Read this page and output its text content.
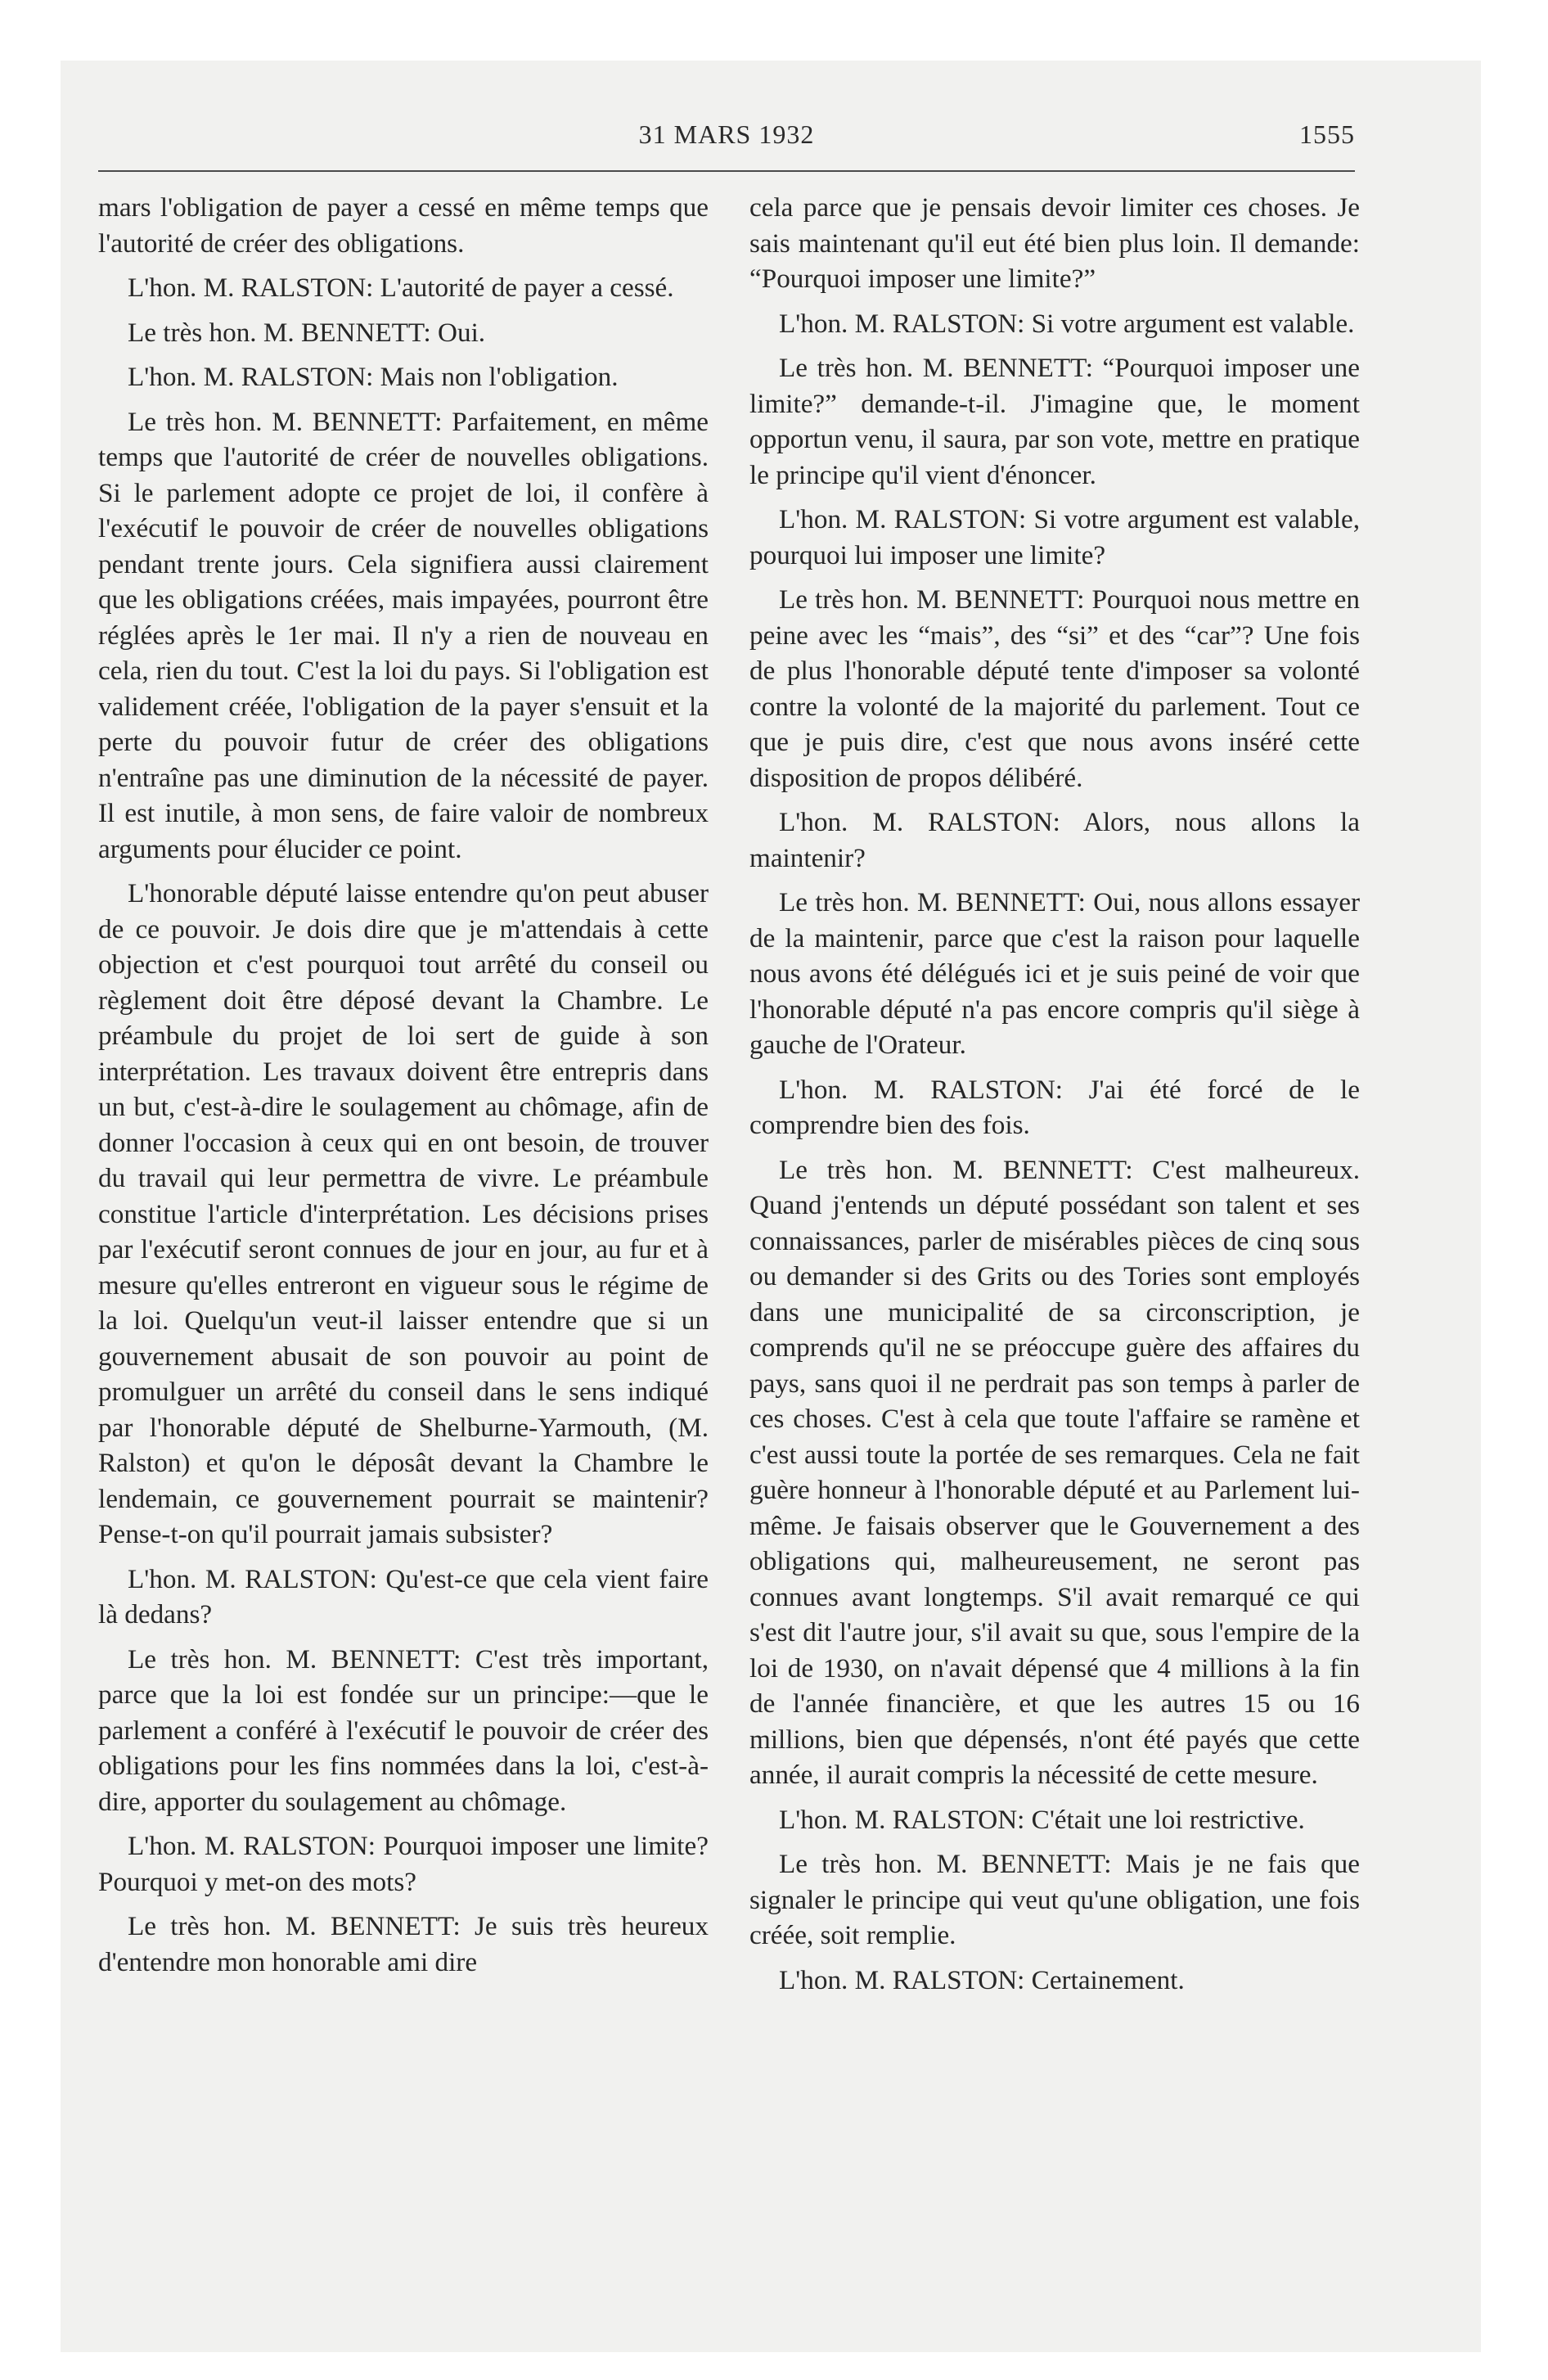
31 MARS 1932	1555

mars l'obligation de payer a cessé en même temps que l'autorité de créer des obligations.

L'hon. M. RALSTON: L'autorité de payer a cessé.

Le très hon. M. BENNETT: Oui.

L'hon. M. RALSTON: Mais non l'obligation.

Le très hon. M. BENNETT: Parfaitement, en même temps que l'autorité de créer de nouvelles obligations. Si le parlement adopte ce projet de loi, il confère à l'exécutif le pouvoir de créer de nouvelles obligations pendant trente jours. Cela signifiera aussi clairement que les obligations créées, mais impayées, pourront être réglées après le 1er mai. Il n'y a rien de nouveau en cela, rien du tout. C'est la loi du pays. Si l'obligation est validement créée, l'obligation de la payer s'ensuit et la perte du pouvoir futur de créer des obligations n'entraîne pas une diminution de la nécessité de payer. Il est inutile, à mon sens, de faire valoir de nombreux arguments pour élucider ce point.

L'honorable député laisse entendre qu'on peut abuser de ce pouvoir. Je dois dire que je m'attendais à cette objection et c'est pourquoi tout arrêté du conseil ou règlement doit être déposé devant la Chambre. Le préambule du projet de loi sert de guide à son interprétation. Les travaux doivent être entrepris dans un but, c'est-à-dire le soulagement au chômage, afin de donner l'occasion à ceux qui en ont besoin, de trouver du travail qui leur permettra de vivre. Le préambule constitue l'article d'interprétation. Les décisions prises par l'exécutif seront connues de jour en jour, au fur et à mesure qu'elles entreront en vigueur sous le régime de la loi. Quelqu'un veut-il laisser entendre que si un gouvernement abusait de son pouvoir au point de promulguer un arrêté du conseil dans le sens indiqué par l'honorable député de Shelburne-Yarmouth, (M. Ralston) et qu'on le déposât devant la Chambre le lendemain, ce gouvernement pourrait se maintenir? Pense-t-on qu'il pourrait jamais subsister?

L'hon. M. RALSTON: Qu'est-ce que cela vient faire là dedans?

Le très hon. M. BENNETT: C'est très important, parce que la loi est fondée sur un principe:—que le parlement a conféré à l'exécutif le pouvoir de créer des obligations pour les fins nommées dans la loi, c'est-à-dire, apporter du soulagement au chômage.

L'hon. M. RALSTON: Pourquoi imposer une limite? Pourquoi y met-on des mots?

Le très hon. M. BENNETT: Je suis très heureux d'entendre mon honorable ami dire

cela parce que je pensais devoir limiter ces choses. Je sais maintenant qu'il eut été bien plus loin. Il demande: “Pourquoi imposer une limite?”

L'hon. M. RALSTON: Si votre argument est valable.

Le très hon. M. BENNETT: “Pourquoi imposer une limite?” demande-t-il. J'imagine que, le moment opportun venu, il saura, par son vote, mettre en pratique le principe qu'il vient d'énoncer.

L'hon. M. RALSTON: Si votre argument est valable, pourquoi lui imposer une limite?

Le très hon. M. BENNETT: Pourquoi nous mettre en peine avec les “mais”, des “si” et des “car”? Une fois de plus l'honorable député tente d'imposer sa volonté contre la volonté de la majorité du parlement. Tout ce que je puis dire, c'est que nous avons inséré cette disposition de propos délibéré.

L'hon. M. RALSTON: Alors, nous allons la maintenir?

Le très hon. M. BENNETT: Oui, nous allons essayer de la maintenir, parce que c'est la raison pour laquelle nous avons été délégués ici et je suis peiné de voir que l'honorable député n'a pas encore compris qu'il siège à gauche de l'Orateur.

L'hon. M. RALSTON: J'ai été forcé de le comprendre bien des fois.

Le très hon. M. BENNETT: C'est malheureux. Quand j'entends un député possédant son talent et ses connaissances, parler de misérables pièces de cinq sous ou demander si des Grits ou des Tories sont employés dans une municipalité de sa circonscription, je comprends qu'il ne se préoccupe guère des affaires du pays, sans quoi il ne perdrait pas son temps à parler de ces choses. C'est à cela que toute l'affaire se ramène et c'est aussi toute la portée de ses remarques. Cela ne fait guère honneur à l'honorable député et au Parlement lui-même. Je faisais observer que le Gouvernement a des obligations qui, malheureusement, ne seront pas connues avant longtemps. S'il avait remarqué ce qui s'est dit l'autre jour, s'il avait su que, sous l'empire de la loi de 1930, on n'avait dépensé que 4 millions à la fin de l'année financière, et que les autres 15 ou 16 millions, bien que dépensés, n'ont été payés que cette année, il aurait compris la nécessité de cette mesure.

L'hon. M. RALSTON: C'était une loi restrictive.

Le très hon. M. BENNETT: Mais je ne fais que signaler le principe qui veut qu'une obligation, une fois créée, soit remplie.

L'hon. M. RALSTON: Certainement.
